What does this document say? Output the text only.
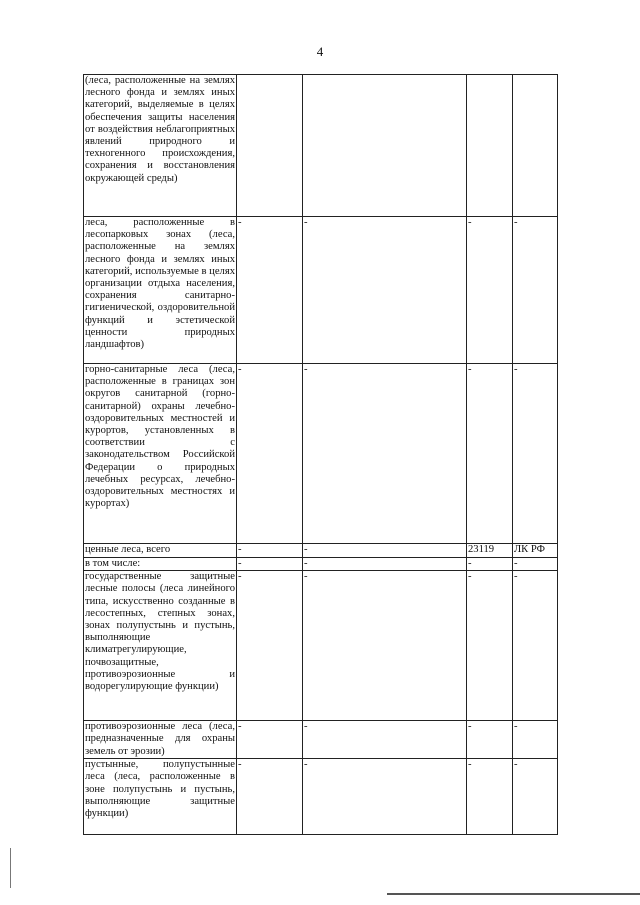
4
(леса, расположенные на землях лесного фонда и землях иных категорий, выделяемые в целях обеспечения защиты населения от воздействия неблагоприятных явлений природного и техногенного происхождения, сохранения и восстановления окружающей среды)				
леса, расположенные в лесопарковых зонах (леса, расположенные на землях лесного фонда и землях иных категорий, используемые в целях организации отдыха населения, сохранения санитарно-гигиенической, оздоровительной функций и эстетической ценности природных ландшафтов)	-	-	-	-
горно-санитарные леса (леса, расположенные в границах зон округов санитарной (горно-санитарной) охраны лечебно-оздоровительных местностей и курортов, установленных в соответствии с законодательством Российской Федерации о природных лечебных ресурсах, лечебно-оздоровительных местностях и курортах)	-	-	-	-
ценные леса, всего	-	-	23119	ЛК РФ
в том числе:	-	-	-	-
государственные защитные лесные полосы (леса линейного типа, искусственно созданные в лесостепных, степных зонах, зонах полупустынь и пустынь, выполняющие климатрегулирующие, почвозащитные, противоэрозионные и водорегулирующие функции)	-	-	-	-
противоэрозионные леса (леса, предназначенные для охраны земель от эрозии)	-	-	-	-
пустынные, полупустынные леса (леса, расположенные в зоне полупустынь и пустынь, выполняющие защитные функции)	-	-	-	-
